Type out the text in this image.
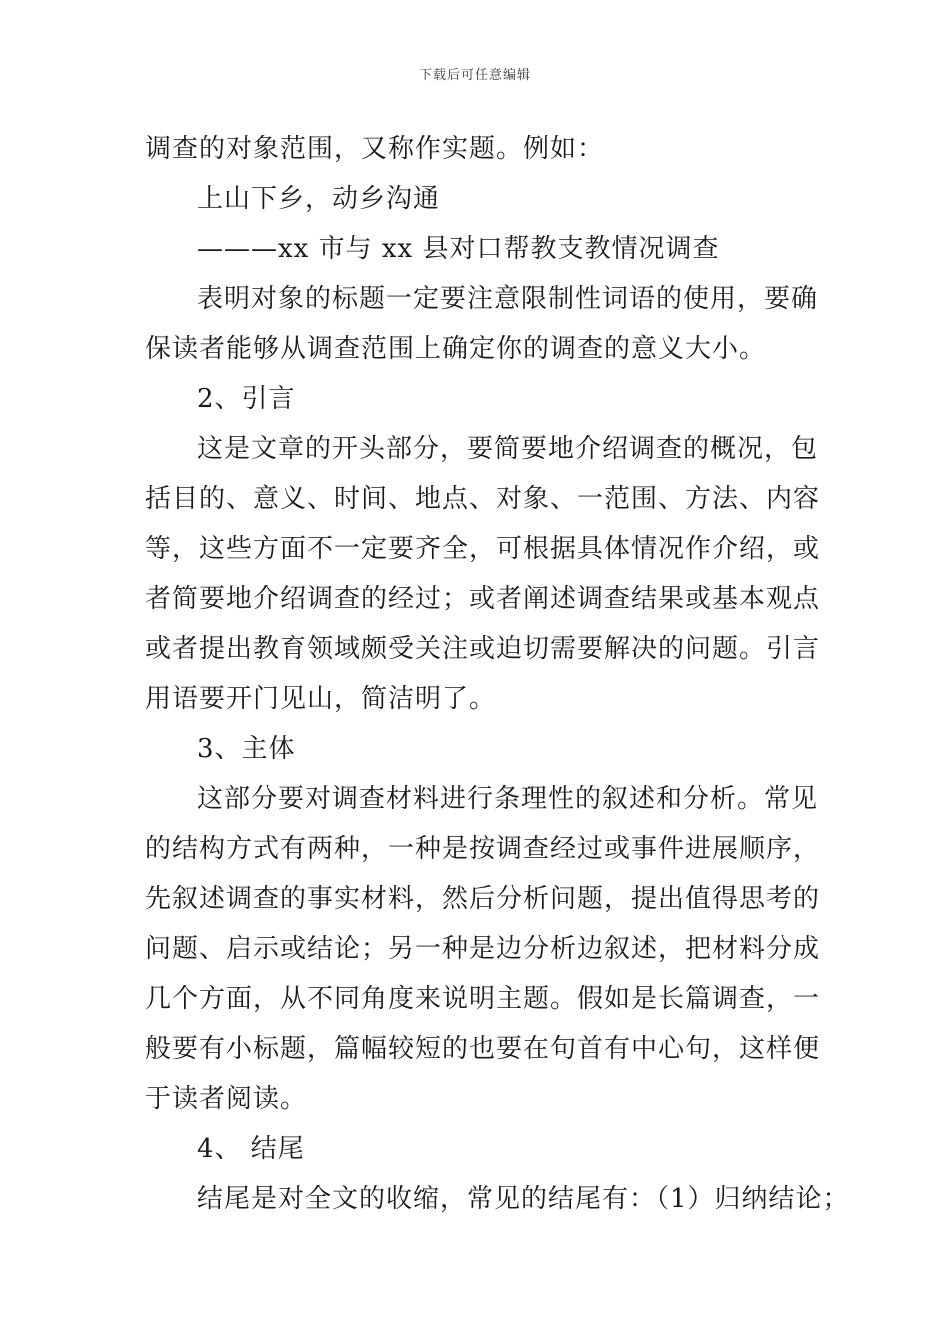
下载后可任意编辑
调查的对象范围，又称作实题。例如：
上山下乡，动乡沟通
———xx 市与 xx 县对口帮教支教情况调查
表明对象的标题一定要注意限制性词语的使用，要确
保读者能够从调查范围上确定你的调查的意义大小。
2、引言
这是文章的开头部分，要简要地介绍调查的概况，包
括目的、意义、时间、地点、对象、一范围、方法、内容
等，这些方面不一定要齐全，可根据具体情况作介绍，或
者简要地介绍调查的经过；或者阐述调查结果或基本观点
或者提出教育领域颇受关注或迫切需要解决的问题。引言
用语要开门见山，简洁明了。
3、主体
这部分要对调查材料进行条理性的叙述和分析。常见
的结构方式有两种，一种是按调查经过或事件进展顺序，
先叙述调查的事实材料，然后分析问题，提出值得思考的
问题、启示或结论；另一种是边分析边叙述，把材料分成
几个方面，从不同角度来说明主题。假如是长篇调查，一
般要有小标题，篇幅较短的也要在句首有中心句，这样便
于读者阅读。
4、 结尾
结尾是对全文的收缩，常见的结尾有：（1）归纳结论；
